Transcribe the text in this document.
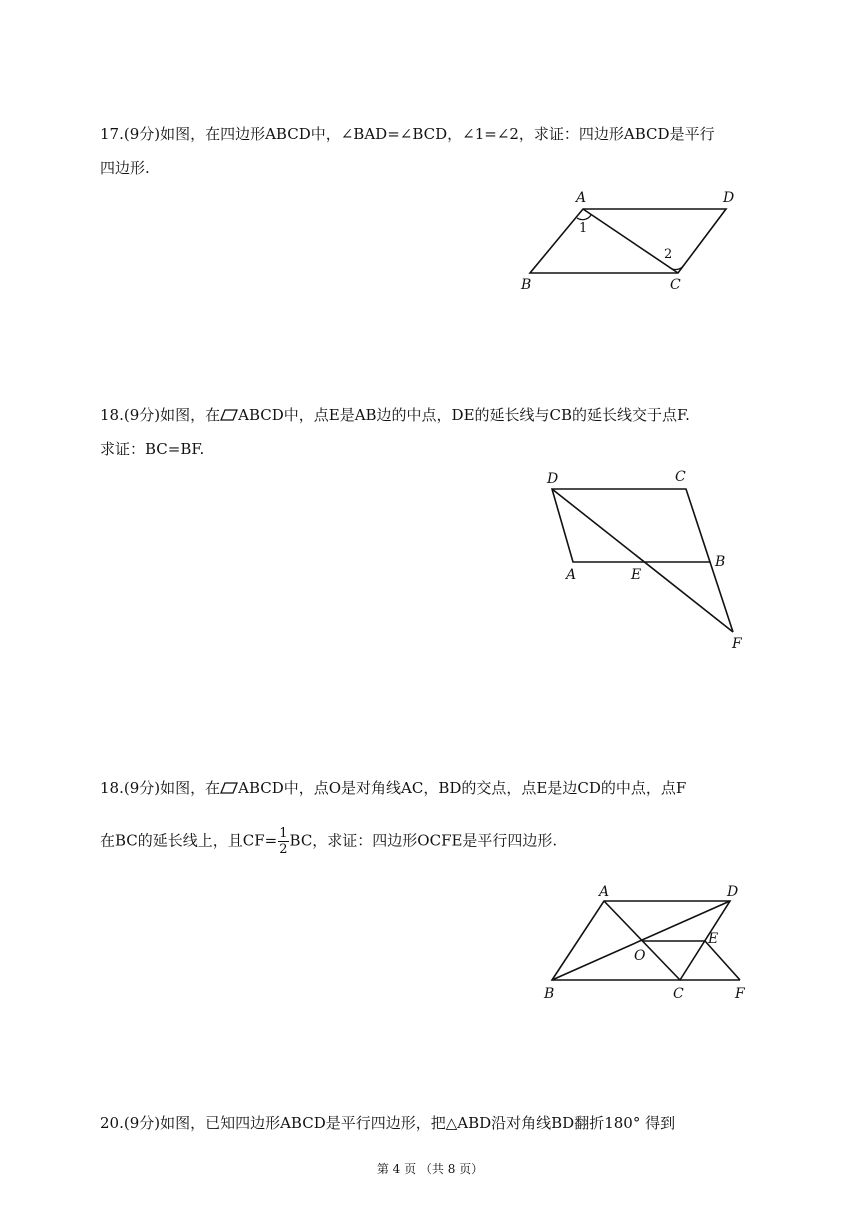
17.(9分)如图，在四边形ABCD中，∠BAD=∠BCD，∠1=∠2，求证：四边形ABCD是平行
四边形.
A	D
B	C
1
2
18.(9分)如图，在 ABCD中，点E是AB边的中点，DE的延长线与CB的延长线交于点F.
求证：BC=BF.
D	C
A	E
B
F
18.(9分)如图，在 ABCD中，点O是对角线AC，BD的交点，点E是边CD的中点，点F
在BC的延长线上，且$CF= \frac{1}{2}$ BC，求证：四边形OCFE是平行四边形.
A	D
E
O
B	C	F
20.(9分)如图，已知四边形ABCD是平行四边形，把△ABD沿对角线BD翻折180° 得到
第 4 页 （共 8 页）
